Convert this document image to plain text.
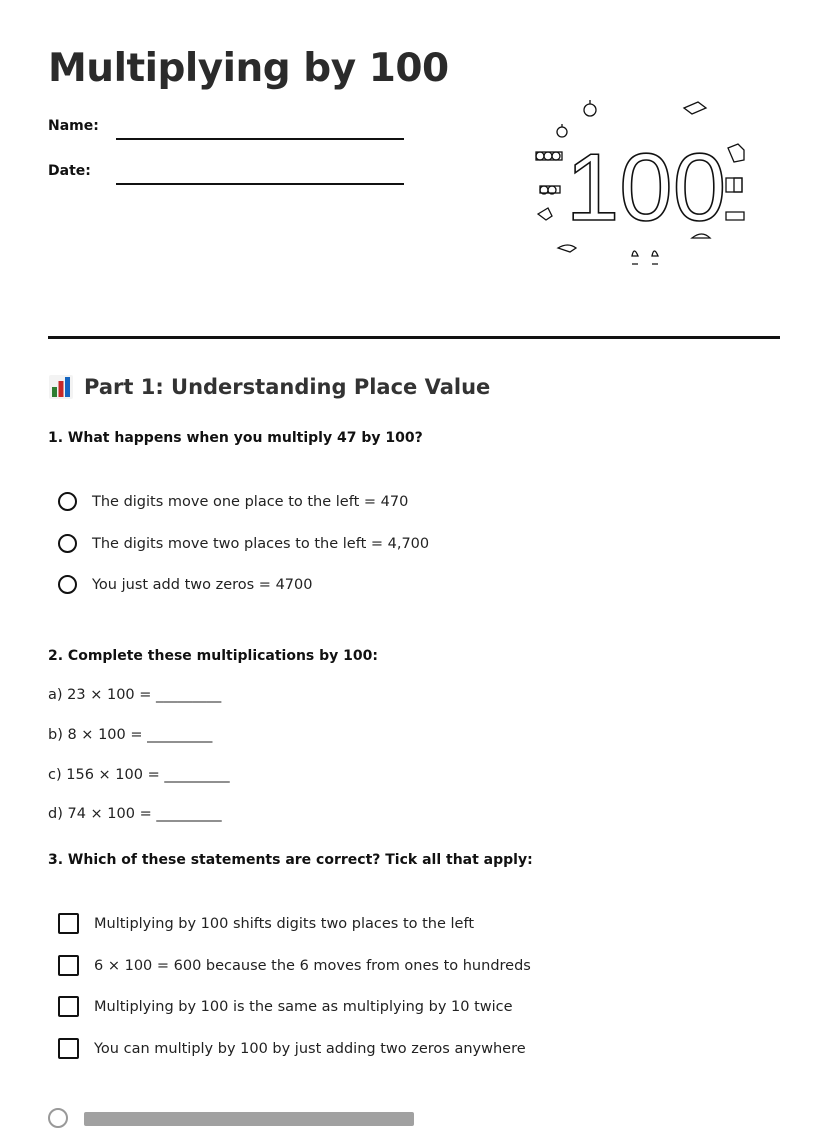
Multiplying by 100
Name:
Date:	100
Part 1: Understanding Place Value
1. What happens when you multiply 47 by 100?
The digits move one place to the left = 470
The digits move two places to the left = 4,700
You just add two zeros = 4700
2. Complete these multiplications by 100:
a) 23 × 100 = _________
b) 8 × 100 = _________
c) 156 × 100 = _________
d) 74 × 100 = _________
3. Which of these statements are correct? Tick all that apply:
Multiplying by 100 shifts digits two places to the left
6 × 100 = 600 because the 6 moves from ones to hundreds
Multiplying by 100 is the same as multiplying by 10 twice
You can multiply by 100 by just adding two zeros anywhere
